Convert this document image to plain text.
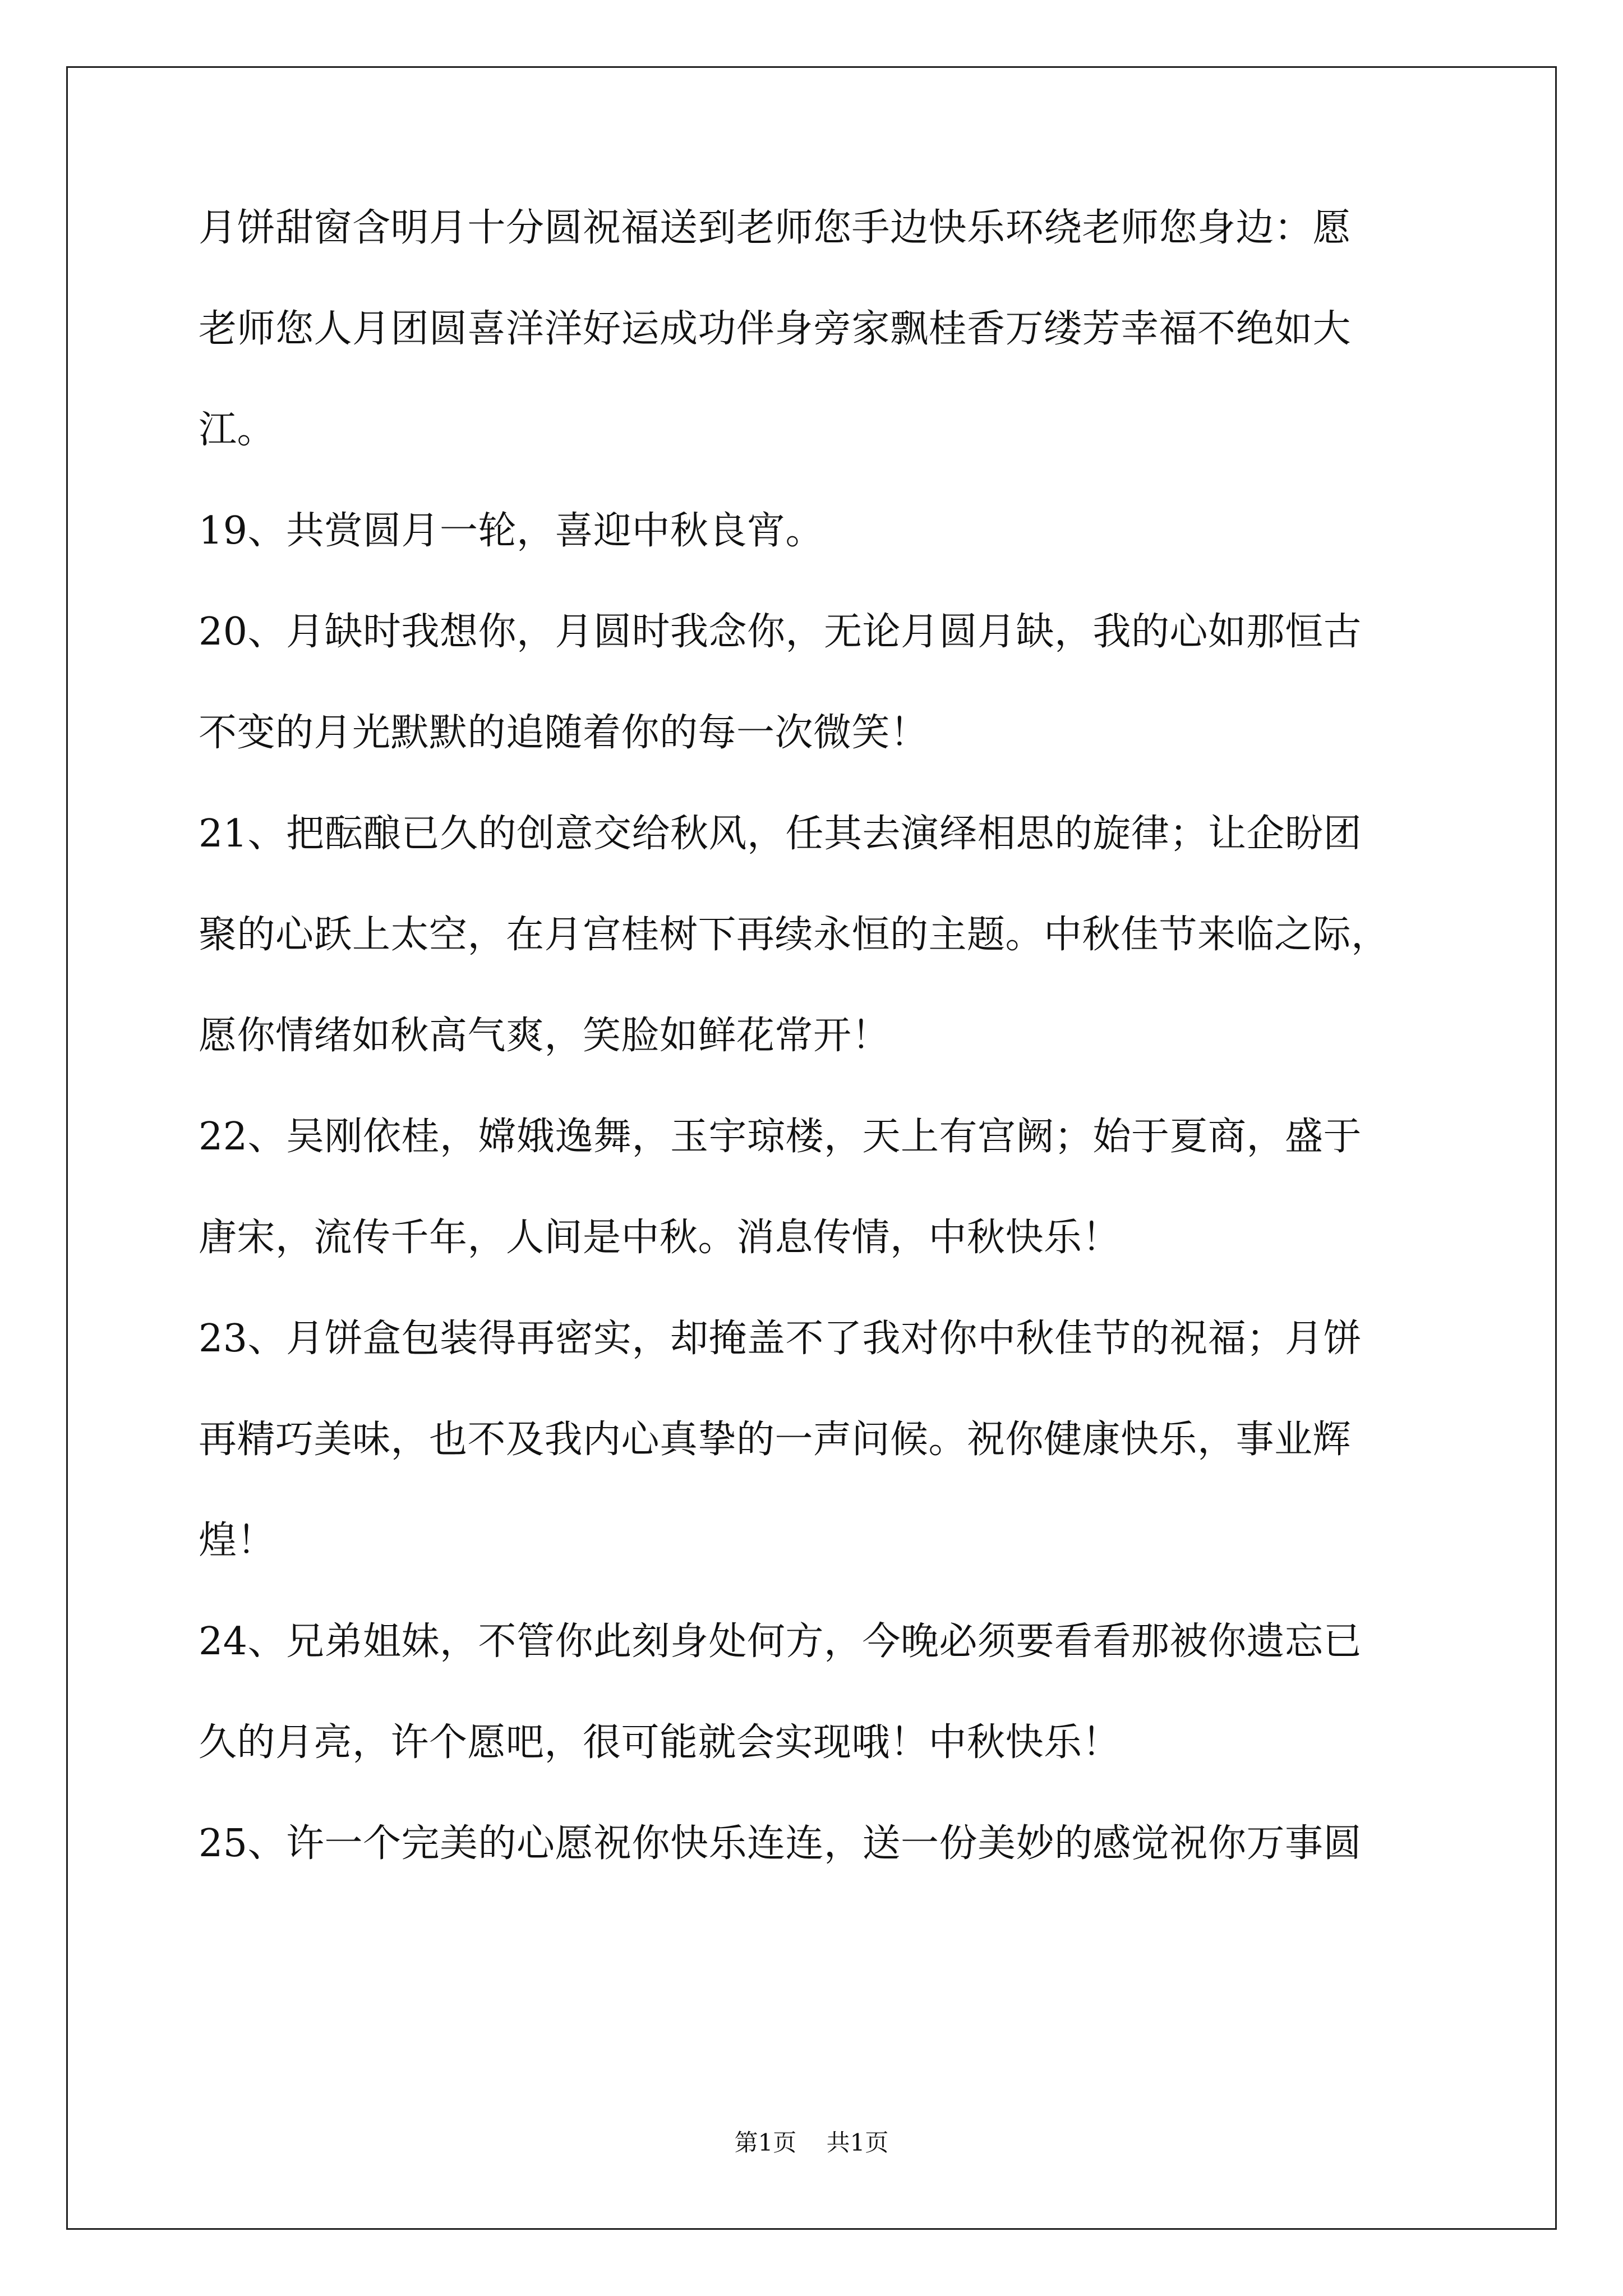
月饼甜窗含明月十分圆祝福送到老师您手边快乐环绕老师您身边：愿
老师您人月团圆喜洋洋好运成功伴身旁家飘桂香万缕芳幸福不绝如大
江。
19、共赏圆月一轮，喜迎中秋良宵。
20、月缺时我想你，月圆时我念你，无论月圆月缺，我的心如那恒古
不变的月光默默的追随着你的每一次微笑！
21、把酝酿已久的创意交给秋风，任其去演绎相思的旋律；让企盼团
聚的心跃上太空，在月宫桂树下再续永恒的主题。中秋佳节来临之际，
愿你情绪如秋高气爽，笑脸如鲜花常开！
22、吴刚依桂，嫦娥逸舞，玉宇琼楼，天上有宫阙；始于夏商，盛于
唐宋，流传千年，人间是中秋。消息传情，中秋快乐！
23、月饼盒包装得再密实，却掩盖不了我对你中秋佳节的祝福；月饼
再精巧美味，也不及我内心真挚的一声问候。祝你健康快乐，事业辉
煌！
24、兄弟姐妹，不管你此刻身处何方，今晚必须要看看那被你遗忘已
久的月亮，许个愿吧，很可能就会实现哦！中秋快乐！
25、许一个完美的心愿祝你快乐连连，送一份美妙的感觉祝你万事圆
第1页    共1页
